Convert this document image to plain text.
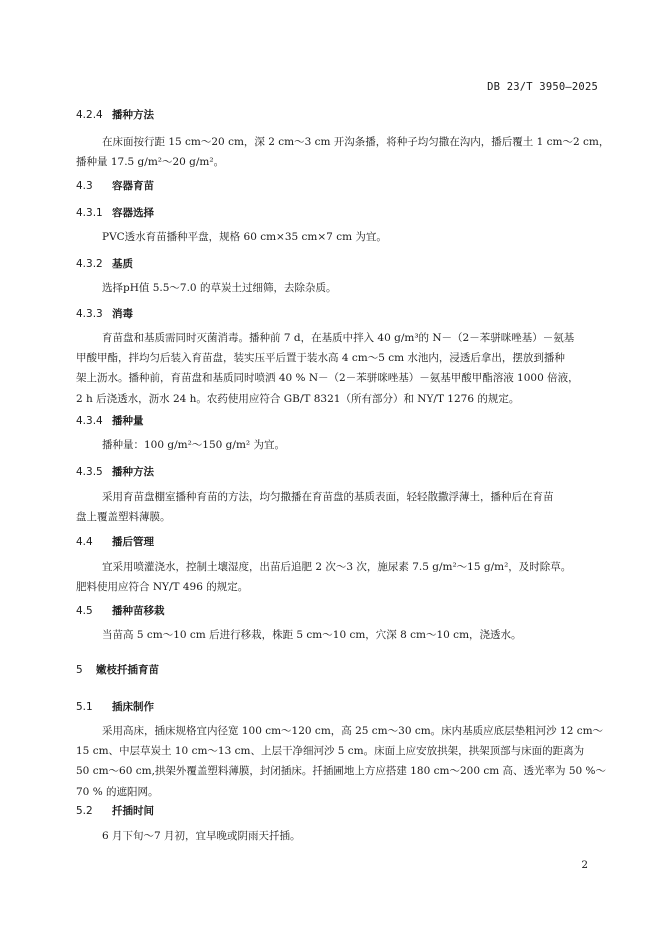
DB 23/T 3950—2025
4.2.4 播种方法
在床面按行距 15 cm～20 cm，深 2 cm～3 cm 开沟条播，将种子均匀撒在沟内，播后覆土 1 cm～2 cm，
播种量 17.5 g/m²～20 g/m²。
4.3 容器育苗
4.3.1 容器选择
PVC透水育苗播种平盘，规格 60 cm×35 cm×7 cm 为宜。
4.3.2 基质
选择pH值 5.5～7.0 的草炭土过细筛，去除杂质。
4.3.3 消毒
育苗盘和基质需同时灭菌消毒。播种前 7 d，在基质中拌入 40 g/m³的 N－（2－苯骈咪唑基）－氨基
甲酸甲酯，拌均匀后装入育苗盘，装实压平后置于装水高 4 cm～5 cm 水池内，浸透后拿出，摆放到播种
架上沥水。播种前，育苗盘和基质同时喷洒 40 % N－（2－苯骈咪唑基）－氨基甲酸甲酯溶液 1000 倍液，
2 h 后浇透水，沥水 24 h。农药使用应符合 GB/T 8321（所有部分）和 NY/T 1276 的规定。
4.3.4 播种量
播种量：100 g/m²～150 g/m² 为宜。
4.3.5 播种方法
采用育苗盘棚室播种育苗的方法，均匀撒播在育苗盘的基质表面，轻轻散撒浮薄土，播种后在育苗
盘上覆盖塑料薄膜。
4.4 播后管理
宜采用喷灌浇水，控制土壤湿度，出苗后追肥 2 次～3 次，施尿素 7.5 g/m²～15 g/m²，及时除草。
肥料使用应符合 NY/T 496 的规定。
4.5 播种苗移栽
当苗高 5 cm～10 cm 后进行移栽，株距 5 cm～10 cm，穴深 8 cm～10 cm，浇透水。
5 嫩枝扦插育苗
5.1 插床制作
采用高床，插床规格宜内径宽 100 cm～120 cm，高 25 cm～30 cm。床内基质应底层垫粗河沙 12 cm～
15 cm、中层草炭土 10 cm～13 cm、上层干净细河沙 5 cm。床面上应安放拱架，拱架顶部与床面的距离为
50 cm～60 cm,拱架外覆盖塑料薄膜，封闭插床。扦插圃地上方应搭建 180 cm～200 cm 高、透光率为 50 %～
70 % 的遮阳网。
5.2 扦插时间
6 月下旬～7 月初，宜早晚或阴雨天扦插。
2
